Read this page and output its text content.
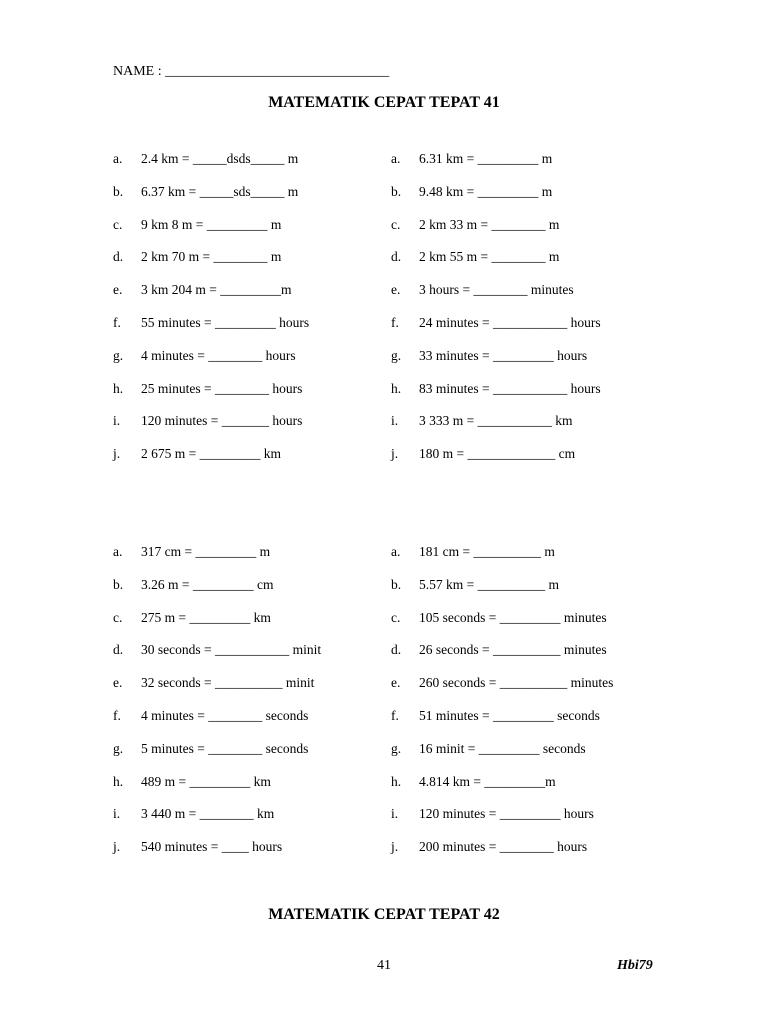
NAME : ________________________________
MATEMATIK CEPAT TEPAT 41
a. 2.4 km = _____dsds_____ m
b. 6.37 km = _____sds_____ m
c. 9 km 8 m = _________ m
d. 2 km 70 m = ________ m
e. 3 km 204 m = _________m
f. 55 minutes = _________ hours
g. 4 minutes = ________ hours
h. 25 minutes = ________ hours
i. 120 minutes = _______ hours
j. 2 675 m = _________ km
a. 6.31 km = _________ m
b. 9.48 km = _________ m
c. 2 km 33 m = ________ m
d. 2 km 55 m = ________ m
e. 3 hours = ________ minutes
f. 24 minutes = ___________ hours
g. 33 minutes = _________ hours
h. 83 minutes = ___________ hours
i. 3 333 m = ___________ km
j. 180 m = _____________ cm
a. 317 cm = _________ m
b. 3.26 m = _________ cm
c. 275 m = _________ km
d. 30 seconds = ___________ minit
e. 32 seconds = __________ minit
f. 4 minutes = ________ seconds
g. 5 minutes = ________ seconds
h. 489 m = _________ km
i. 3 440 m = ________ km
j. 540 minutes = ____ hours
a. 181 cm = __________ m
b. 5.57 km = __________ m
c. 105 seconds = _________ minutes
d. 26 seconds = __________ minutes
e. 260 seconds = __________ minutes
f. 51 minutes = _________ seconds
g. 16 minit = _________ seconds
h. 4.814 km = _________m
i. 120 minutes = _________ hours
j. 200 minutes = ________ hours
MATEMATIK CEPAT TEPAT 42
41	Hbi79
